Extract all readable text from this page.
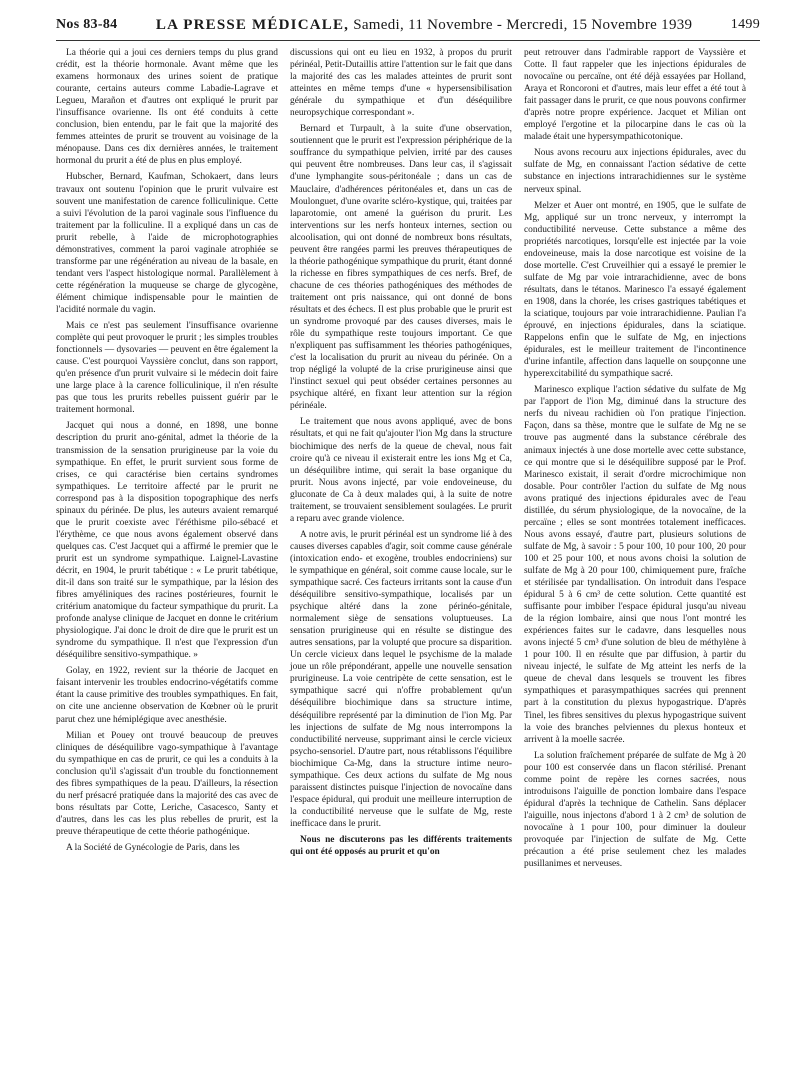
Nos 83-84	LA PRESSE MÉDICALE, Samedi, 11 Novembre - Mercredi, 15 Novembre 1939	1499

La théorie qui a joui ces derniers temps du plus grand crédit, est la théorie hormonale. Avant même que les examens hormonaux des urines soient de pratique courante, certains auteurs comme Labadie-Lagrave et Legueu, Marañon et d'autres ont expliqué le prurit par l'insuffisance ovarienne. Ils ont été conduits à cette conclusion, bien entendu, par le fait que la majorité des femmes atteintes de prurit se trouvent au voisinage de la ménopause. Dans ces dix dernières années, le traitement hormonal du prurit a été de plus en plus employé.

Hubscher, Bernard, Kaufman, Schokaert, dans leurs travaux ont soutenu l'opinion que le prurit vulvaire est souvent une manifestation de carence folliculinique. Cette a suivi l'évolution de la paroi vaginale sous l'influence du traitement par la folliculine. Il a expliqué dans un cas de prurit rebelle, à l'aide de microphotographies démonstratives, comment la paroi vaginale atrophiée se transforme par une régénération au niveau de la basale, en tendant vers l'aspect histologique normal. Parallèlement à cette régénération la muqueuse se charge de glycogène, élément chimique indispensable pour le maintien de l'acidité normale du vagin.

Mais ce n'est pas seulement l'insuffisance ovarienne complète qui peut provoquer le prurit ; les simples troubles fonctionnels — dysovaries — peuvent en être également la cause. C'est pourquoi Vayssière conclut, dans son rapport, qu'en présence d'un prurit vulvaire si le médecin doit faire une large place à la carence folliculinique, il n'en résulte pas que tous les prurits rebelles puissent guérir par le traitement hormonal.

Jacquet qui nous a donné, en 1898, une bonne description du prurit ano-génital, admet la théorie de la transmission de la sensation prurigineuse par la voie du sympathique. En effet, le prurit survient sous forme de crises, ce qui caractérise bien certains syndromes sympathiques. Le territoire affecté par le prurit ne correspond pas à la disposition topographique des nerfs spinaux du périnée. De plus, les auteurs avaient remarqué que le prurit coexiste avec l'éréthisme pilo-sébacé et l'érythème, ce que nous avons également observé dans quelques cas. C'est Jacquet qui a affirmé le premier que le prurit est un syndrome sympathique. Laignel-Lavastine décrit, en 1904, le prurit tabétique : « Le prurit tabétique, dit-il dans son traité sur le sympathique, par la lésion des fibres amyéliniques des racines postérieures, fournit le critérium anatomique du facteur sympathique du prurit. La profonde analyse clinique de Jacquet en donne le critérium physiologique. J'ai donc le droit de dire que le prurit est un syndrome du sympathique. Il n'est que l'expression d'un déséquilibre sensitivo-sympathique. »

Golay, en 1922, revient sur la théorie de Jacquet en faisant intervenir les troubles endocrino-végétatifs comme étant la cause primitive des troubles sympathiques. En fait, on cite une ancienne observation de Kœbner où le prurit parut chez une hémiplégique avec anesthésie.

Milian et Pouey ont trouvé beaucoup de preuves cliniques de déséquilibre vago-sympathique à l'avantage du sympathique en cas de prurit, ce qui les a conduits à la conclusion qu'il s'agissait d'un trouble du fonctionnement des fibres sympathiques de la peau. D'ailleurs, la résection du nerf présacré pratiquée dans la majorité des cas avec de bons résultats par Cotte, Leriche, Casacesco, Santy et d'autres, dans les cas les plus rebelles de prurit, est la preuve thérapeutique de cette théorie pathogénique.

A la Société de Gynécologie de Paris, dans les

discussions qui ont eu lieu en 1932, à propos du prurit périnéal, Petit-Dutaillis attire l'attention sur le fait que dans la majorité des cas les malades atteintes de prurit sont atteintes en même temps d'une « hypersensibilisation générale du sympathique et d'un déséquilibre neuropsychique correspondant ».

Bernard et Turpault, à la suite d'une observation, soutiennent que le prurit est l'expression périphérique de la souffrance du sympathique pelvien, irrité par des causes qui peuvent être nombreuses. Dans leur cas, il s'agissait d'une lymphangite sous-péritonéale ; dans un cas de Mauclaire, d'adhérences péritonéales et, dans un cas de Moulonguet, d'une ovarite scléro-kystique, qui, traitées par laparotomie, ont amené la guérison du prurit. Les interventions sur les nerfs honteux internes, section ou alcoolisation, qui ont donné de nombreux bons résultats, peuvent être rangées parmi les preuves thérapeutiques de la théorie pathogénique sympathique du prurit, étant donné la richesse en fibres sympathiques de ces nerfs. Bref, de chacune de ces théories pathogéniques des méthodes de traitement ont pris naissance, qui ont donné de bons résultats et des échecs. Il est plus probable que le prurit est un syndrome provoqué par des causes diverses, mais le rôle du sympathique reste toujours important. Ce que n'expliquent pas suffisamment les théories pathogéniques, c'est la localisation du prurit au niveau du périnée. On a trop négligé la volupté de la crise prurigineuse ainsi que l'instinct sexuel qui peut obséder certaines personnes au psychique altéré, en fixant leur attention sur la région périnéale.

Le traitement que nous avons appliqué, avec de bons résultats, et qui ne fait qu'ajouter l'ion Mg dans la structure biochimique des nerfs de la queue de cheval, nous fait croire qu'à ce niveau il existerait entre les ions Mg et Ca, un déséquilibre intime, qui serait la base organique du prurit. Nous avons injecté, par voie endoveineuse, du gluconate de Ca à deux malades qui, à la suite de notre traitement, se trouvaient sensiblement soulagées. Le prurit a reparu avec grande violence.

A notre avis, le prurit périnéal est un syndrome lié à des causes diverses capables d'agir, soit comme cause générale (intoxication endo- et exogène, troubles endocriniens) sur le sympathique en général, soit comme cause locale, sur le sympathique sacré. Ces facteurs irritants sont la cause d'un déséquilibre sensitivo-sympathique, localisés par un psychique altéré dans la zone périnéo-génitale, normalement siège de sensations voluptueuses. La sensation prurigineuse qui en résulte se distingue des autres sensations, par la volupté que procure sa disparition. Un cercle vicieux dans lequel le psychisme de la malade joue un rôle prépondérant, appelle une nouvelle sensation prurigineuse. La voie centripète de cette sensation, est le sympathique sacré qui n'offre probablement qu'un déséquilibre biochimique dans sa structure intime, déséquilibre représenté par la diminution de l'ion Mg. Par les injections de sulfate de Mg nous interrompons la conductibilité nerveuse, supprimant ainsi le cercle vicieux psycho-sensoriel. D'autre part, nous rétablissons l'équilibre biochimique Ca-Mg, dans la structure intime neuro-sympathique. Ces deux actions du sulfate de Mg nous paraissent distinctes puisque l'injection de novocaïne dans l'espace épidural, qui produit une meilleure interruption de la conductibilité nerveuse que le sulfate de Mg, reste inefficace dans le prurit.

Nous ne discuterons pas les différents traitements qui ont été opposés au prurit et qu'on

peut retrouver dans l'admirable rapport de Vayssière et Cotte. Il faut rappeler que les injections épidurales de novocaïne ou percaïne, ont été déjà essayées par Holland, Araya et Roncoroni et d'autres, mais leur effet a été tout à fait passager dans le prurit, ce que nous pouvons confirmer d'après notre propre expérience. Jacquet et Milian ont employé l'ergotine et la pilocarpine dans le cas où la malade était une hypersympathicotonique.

Nous avons recouru aux injections épidurales, avec du sulfate de Mg, en connaissant l'action sédative de cette substance en injections intrarachidiennes sur le système nerveux spinal.

Melzer et Auer ont montré, en 1905, que le sulfate de Mg, appliqué sur un tronc nerveux, y interrompt la conductibilité nerveuse. Cette substance a même des propriétés narcotiques, lorsqu'elle est injectée par la voie endoveineuse, mais la dose narcotique est voisine de la dose mortelle. C'est Cruveilhier qui a essayé le premier le sulfate de Mg par voie intrarachidienne, avec de bons résultats, dans le tétanos. Marinesco l'a essayé également en 1908, dans la chorée, les crises gastriques tabétiques et la sciatique, toujours par voie intrarachidienne. Paulian l'a éprouvé, en injections épidurales, dans la sciatique. Rappelons enfin que le sulfate de Mg, en injections épidurales, est le meilleur traitement de l'incontinence d'urine infantile, affection dans laquelle on soupçonne une hyperexcitabilité du sympathique sacré.

Marinesco explique l'action sédative du sulfate de Mg par l'apport de l'ion Mg, diminué dans la structure des nerfs du niveau rachidien où l'on pratique l'injection. Façon, dans sa thèse, montre que le sulfate de Mg ne se trouve pas augmenté dans la substance cérébrale des animaux injectés à une dose mortelle avec cette substance, ce qui montre que si le déséquilibre supposé par le Prof. Marinesco existait, il serait d'ordre microchimique non dosable. Pour contrôler l'action du sulfate de Mg nous avons pratiqué des injections épidurales avec de l'eau distillée, du sérum physiologique, de la novocaïne, de la percaïne ; elles se sont montrées totalement inefficaces. Nous avons essayé, d'autre part, plusieurs solutions de sulfate de Mg, à savoir : 5 pour 100, 10 pour 100, 20 pour 100 et 25 pour 100, et nous avons choisi la solution de sulfate de Mg à 20 pour 100, chimiquement pure, fraîche et stérilisée par tyndallisation. On introduit dans l'espace épidural 5 à 6 cm³ de cette solution. Cette quantité est suffisante pour imbiber l'espace épidural jusqu'au niveau de la région lombaire, ainsi que nous l'ont montré les expériences faites sur le cadavre, dans lesquelles nous avons injecté 5 cm³ d'une solution de bleu de méthylène à 1 pour 100. Il en résulte que par diffusion, à partir du niveau injecté, le sulfate de Mg atteint les nerfs de la queue de cheval dans lesquels se trouvent les fibres sympathiques et parasympathiques sacrées qui prennent part à la constitution du plexus hypogastrique. D'après Tinel, les fibres sensitives du plexus hypogastrique suivent la voie des branches pelviennes du plexus honteux et arrivent à la moelle sacrée.

La solution fraîchement préparée de sulfate de Mg à 20 pour 100 est conservée dans un flacon stérilisé. Prenant comme point de repère les cornes sacrées, nous introduisons l'aiguille de ponction lombaire dans l'espace épidural d'après la technique de Cathelin. Sans déplacer l'aiguille, nous injectons d'abord 1 à 2 cm³ de solution de novocaïne à 1 pour 100, pour diminuer la douleur provoquée par l'injection de sulfate de Mg. Cette précaution a été prise seulement chez les malades pusillanimes et nerveuses.
